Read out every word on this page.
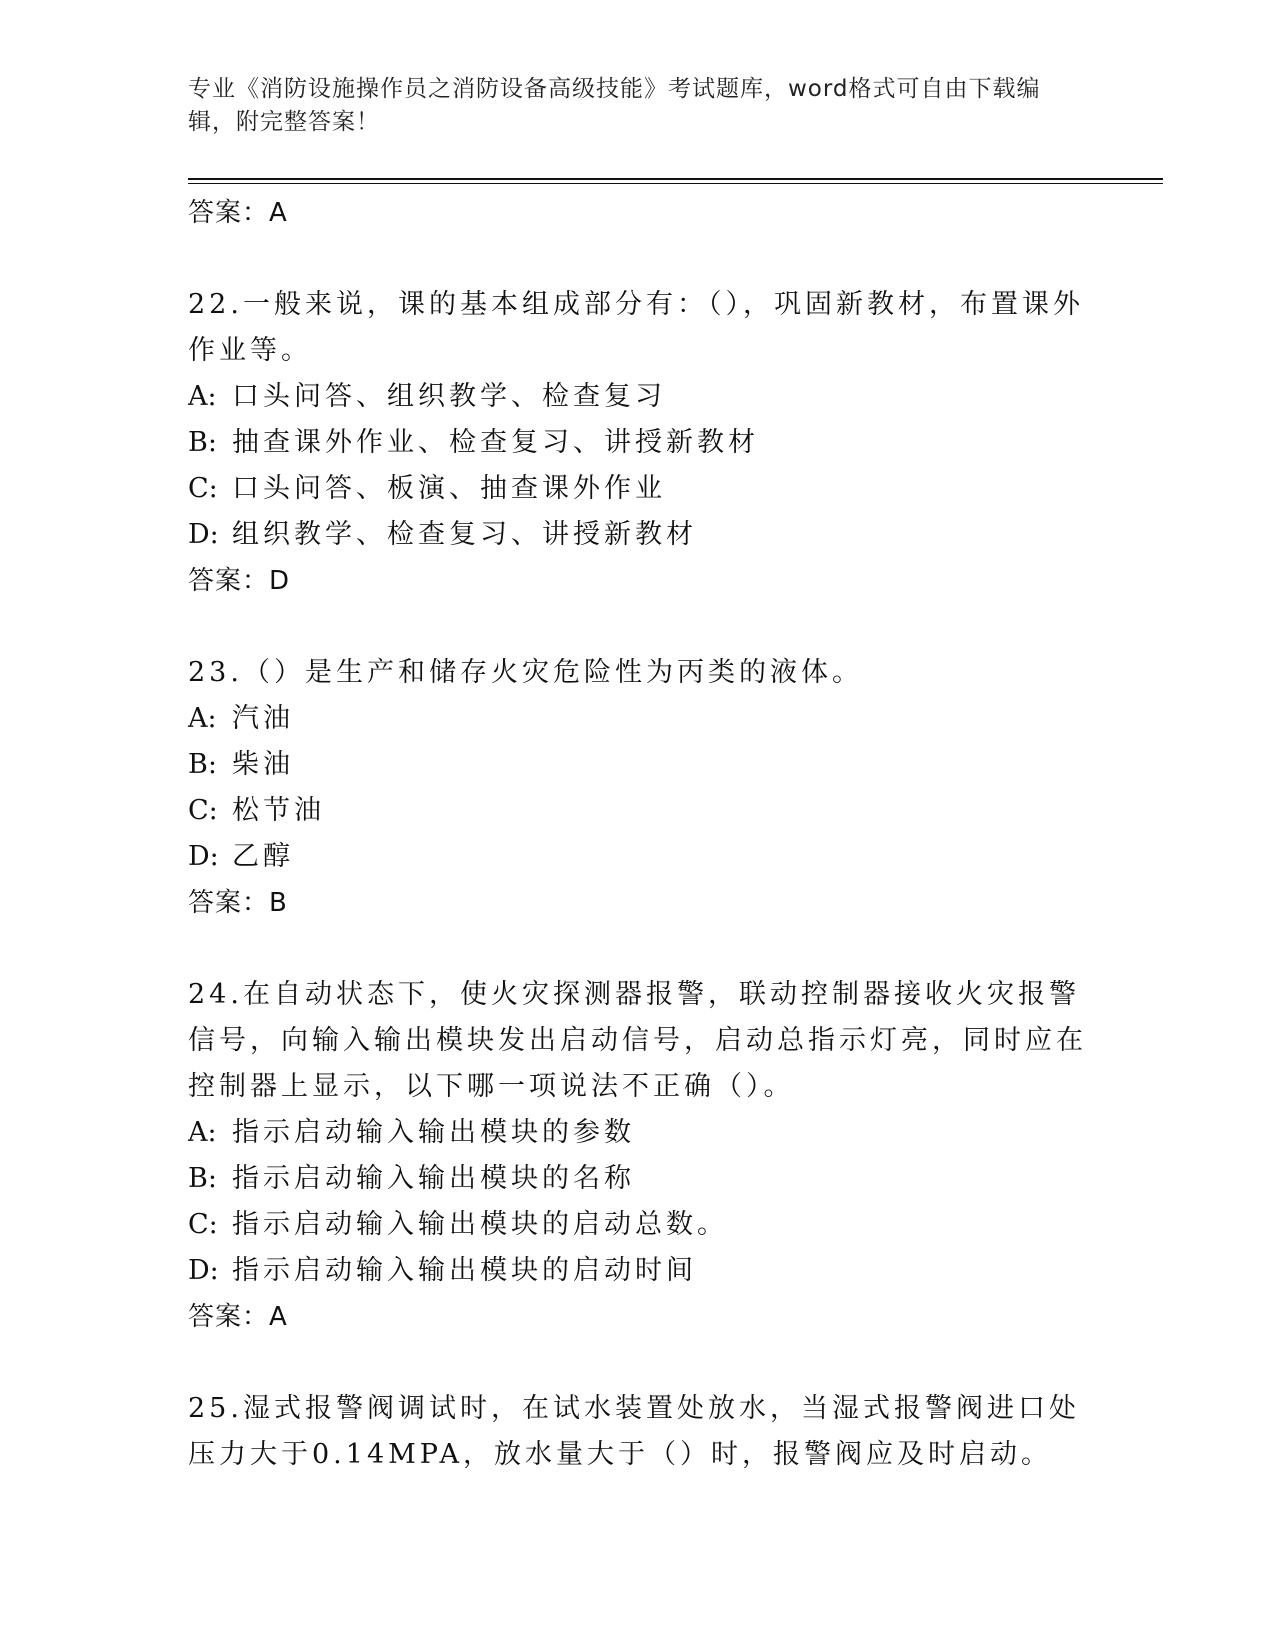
专业《消防设施操作员之消防设备高级技能》考试题库，word格式可自由下载编辑，附完整答案！
答案：A
22.一般来说，课的基本组成部分有：（），巩固新教材，布置课外作业等。
A: 口头问答、组织教学、检查复习
B: 抽查课外作业、检查复习、讲授新教材
C: 口头问答、板演、抽查课外作业
D: 组织教学、检查复习、讲授新教材
答案：D
23.（）是生产和储存火灾危险性为丙类的液体。
A: 汽油
B: 柴油
C: 松节油
D: 乙醇
答案：B
24.在自动状态下，使火灾探测器报警，联动控制器接收火灾报警信号，向输入输出模块发出启动信号，启动总指示灯亮，同时应在控制器上显示，以下哪一项说法不正确（）。
A: 指示启动输入输出模块的参数
B: 指示启动输入输出模块的名称
C: 指示启动输入输出模块的启动总数。
D: 指示启动输入输出模块的启动时间
答案：A
25.湿式报警阀调试时，在试水装置处放水，当湿式报警阀进口处压力大于0.14MPA，放水量大于（）时，报警阀应及时启动。
